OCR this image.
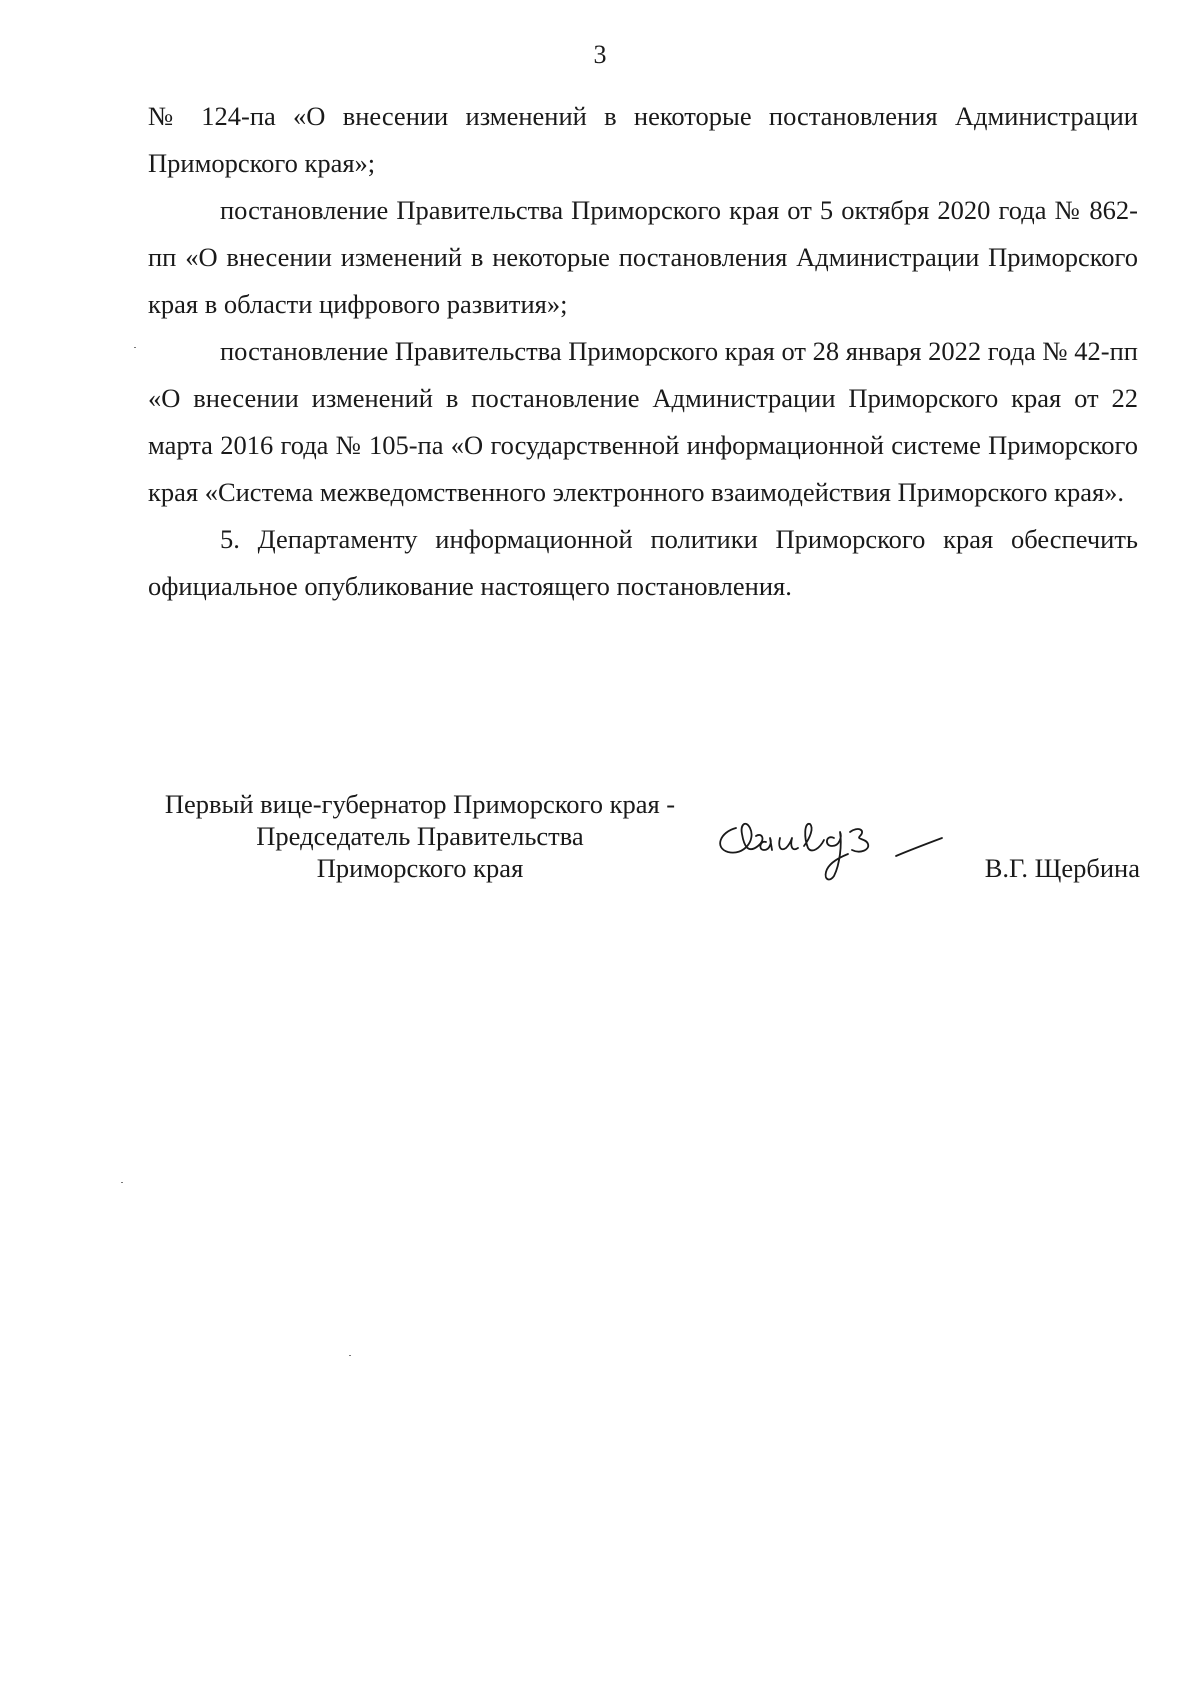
3

№ 124-па «О внесении изменений в некоторые постановления Администрации Приморского края»;

постановление Правительства Приморского края от 5 октября 2020 года № 862-пп «О внесении изменений в некоторые постановления Администрации Приморского края в области цифрового развития»;

постановление Правительства Приморского края от 28 января 2022 года № 42-пп «О внесении изменений в постановление Администрации Приморского края от 22 марта 2016 года № 105-па «О государственной информационной системе Приморского края «Система межведомственного электронного взаимодействия Приморского края».

5. Департаменту информационной политики Приморского края обеспечить официальное опубликование настоящего постановления.

Первый вице-губернатор Приморского края -
Председатель Правительства
Приморского края	В.Г. Щербина
